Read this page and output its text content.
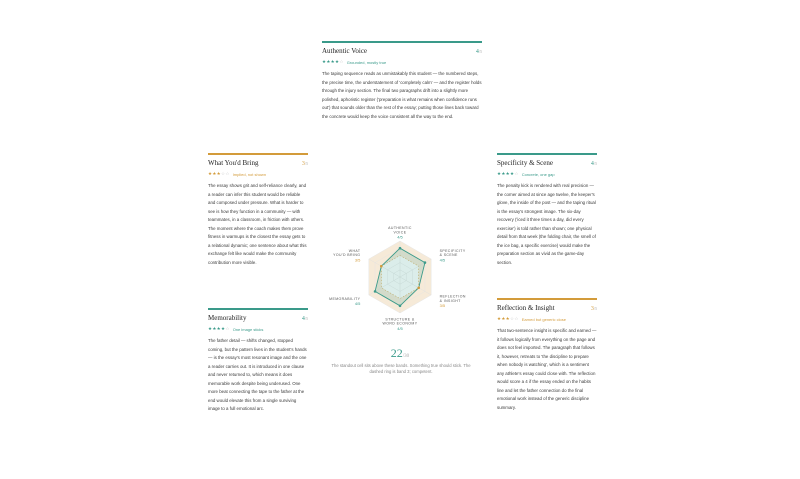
Authentic Voice	4/5
★★★★☆ Grounded, mostly true
The taping sequence reads as unmistakably this student — the numbered steps, the precise time, the understatement of 'completely calm' — and the register holds through the injury section. The final two paragraphs drift into a slightly more polished, aphoristic register ('preparation is what remains when confidence runs out') that sounds older than the rest of the essay; putting those lines back toward the concrete would keep the voice consistent all the way to the end.
What You'd Bring	3/5
★★★☆☆ Implied, not shown
The essay shows grit and self-reliance clearly, and a reader can infer this student would be reliable and composed under pressure. What is harder to see is how they function in a community — with teammates, in a classroom, in friction with others. The moment where the coach makes them prove fitness in warmups is the closest the essay gets to a relational dynamic; one sentence about what this exchange felt like would make the community contribution more visible.
Memorability	4/5
★★★★☆ One image sticks
The father detail — shifts changed, stopped coming, but the pattern lives in the student's hands — is the essay's most resonant image and the one a reader carries out. It is introduced in one clause and never returned to, which means it does memorable work despite being underused. One more beat connecting the tape to the father at the end would elevate this from a single surviving image to a full emotional arc.
Specificity & Scene	4/5
★★★★☆ Concrete, one gap
The penalty kick is rendered with real precision — the corner aimed at since age twelve, the keeper's glove, the inside of the post — and the taping ritual is the essay's strongest image. The six-day recovery ('iced it three times a day, did every exercise') is told rather than shown; one physical detail from that week (the folding chair, the smell of the ice bag, a specific exercise) would make the preparation section as vivid as the game-day section.
Reflection & Insight	3/5
★★★☆☆ Earned but generic close
That two-sentence insight is specific and earned — it follows logically from everything on the page and does not feel imported. The paragraph that follows it, however, retreats to 'the discipline to prepare when nobody is watching', which is a sentiment any athlete's essay could close with. The reflection would score a 4 if the essay ended on the habits line and let the father connection do the final emotional work instead of the generic discipline summary.
AUTHENTIC
VOICE
4/5
SPECIFICITY
& SCENE
4/5
REFLECTION
& INSIGHT
3/5
STRUCTURE &
WORD ECONOMY
4/5
MEMORABILITY
4/5
WHAT
YOU'D BRING
3/5
22/30
The standout cell sits above these bands. Something true should stick. The dashed ring is band 3; competent.
